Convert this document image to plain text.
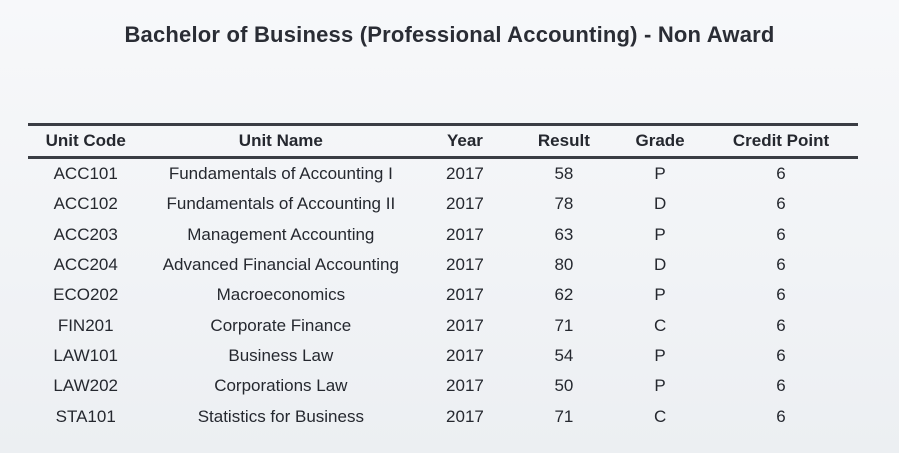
Bachelor of Business (Professional Accounting) - Non Award
Unit Code	Unit Name	Year	Result	Grade	Credit Point
ACC101	Fundamentals of Accounting I	2017	58	P	6
ACC102	Fundamentals of Accounting II	2017	78	D	6
ACC203	Management Accounting	2017	63	P	6
ACC204	Advanced Financial Accounting	2017	80	D	6
ECO202	Macroeconomics	2017	62	P	6
FIN201	Corporate Finance	2017	71	C	6
LAW101	Business Law	2017	54	P	6
LAW202	Corporations Law	2017	50	P	6
STA101	Statistics for Business	2017	71	C	6
